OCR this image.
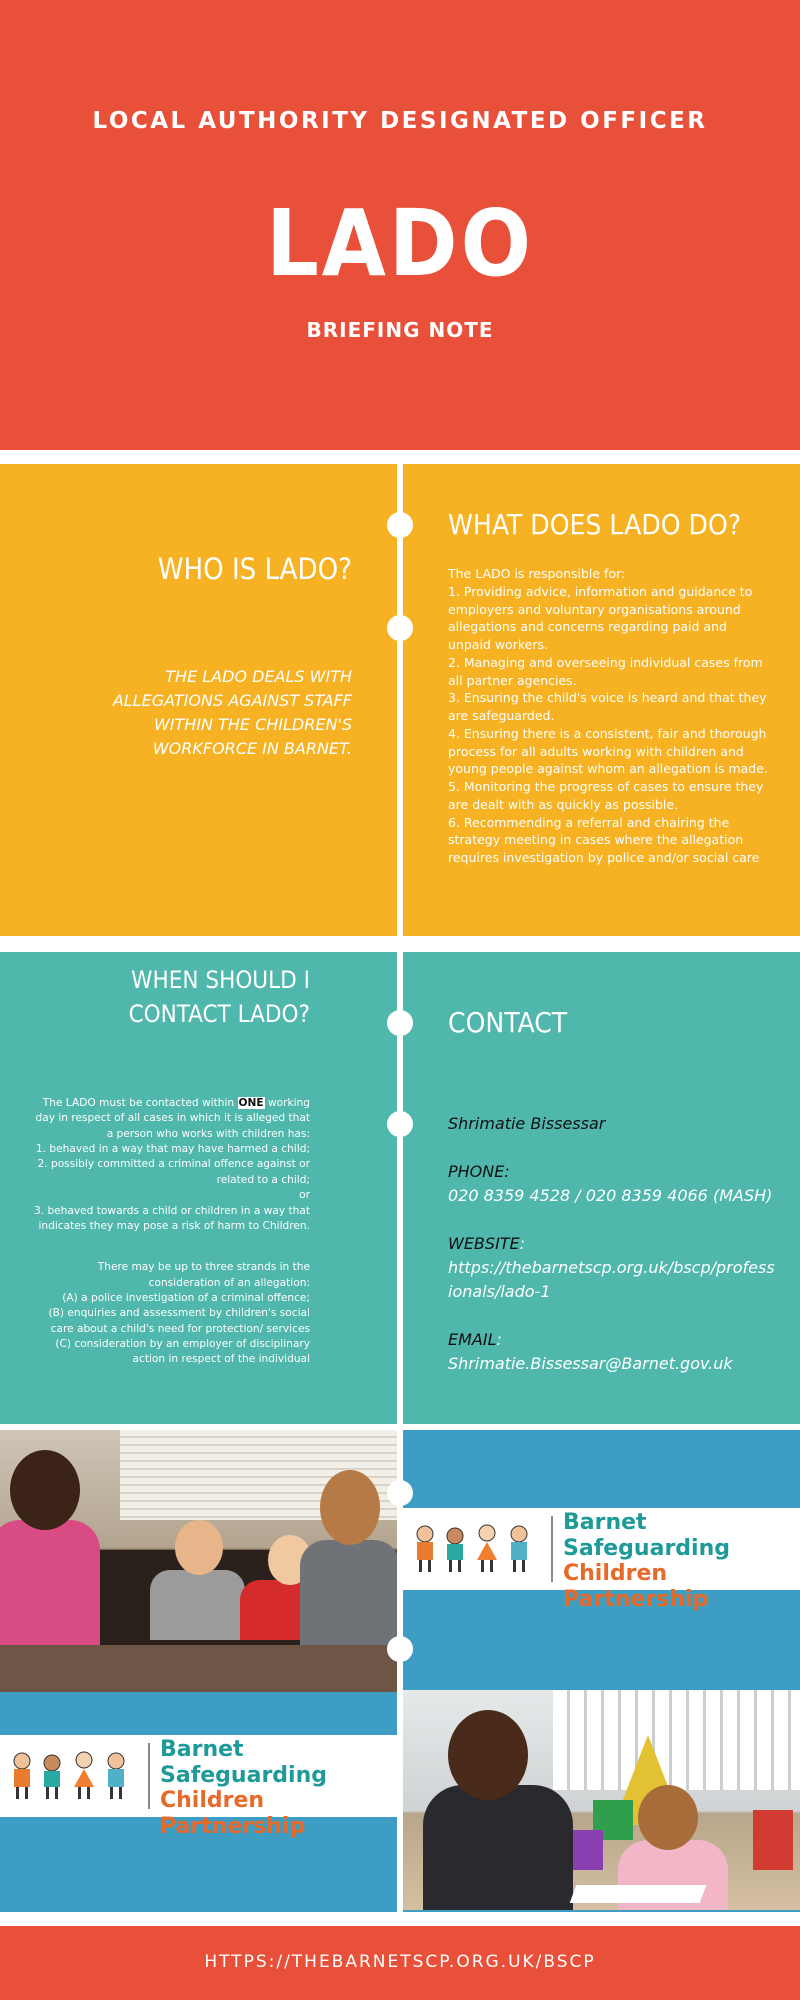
LOCAL AUTHORITY DESIGNATED OFFICER
LADO
BRIEFING NOTE
WHO IS LADO?
THE LADO DEALS WITH ALLEGATIONS AGAINST STAFF WITHIN THE CHILDREN'S WORKFORCE IN BARNET.
WHAT DOES LADO DO?
The LADO is responsible for:
1. Providing advice, information and guidance to employers and voluntary organisations around allegations and concerns regarding paid and unpaid workers.
2. Managing and overseeing individual cases from all partner agencies.
3. Ensuring the child's voice is heard and that they are safeguarded.
4. Ensuring there is a consistent, fair and thorough process for all adults working with children and young people against whom an allegation is made.
5. Monitoring the progress of cases to ensure they are dealt with as quickly as possible.
6. Recommending a referral and chairing the strategy meeting in cases where the allegation requires investigation by police and/or social care
WHEN SHOULD I CONTACT LADO?
The LADO must be contacted within ONE working day in respect of all cases in which it is alleged that a person who works with children has:
1. behaved in a way that may have harmed a child;
2. possibly committed a criminal offence against or related to a child;
or
3. behaved towards a child or children in a way that indicates they may pose a risk of harm to Children.
There may be up to three strands in the consideration of an allegation:
(A) a police investigation of a criminal offence;
(B) enquiries and assessment by children's social care about a child's need for protection/ services
(C) consideration by an employer of disciplinary action in respect of the individual
CONTACT
Shrimatie Bissessar
PHONE:
020 8359 4528 / 020 8359 4066 (MASH)
WEBSITE:
https://thebarnetscp.org.uk/bscp/professionals/lado-1
EMAIL:
Shrimatie.Bissessar@Barnet.gov.uk
Barnet
Safeguarding
Children Partnership
Barnet
Safeguarding
Children Partnership
HTTPS://THEBARNETSCP.ORG.UK/BSCP
